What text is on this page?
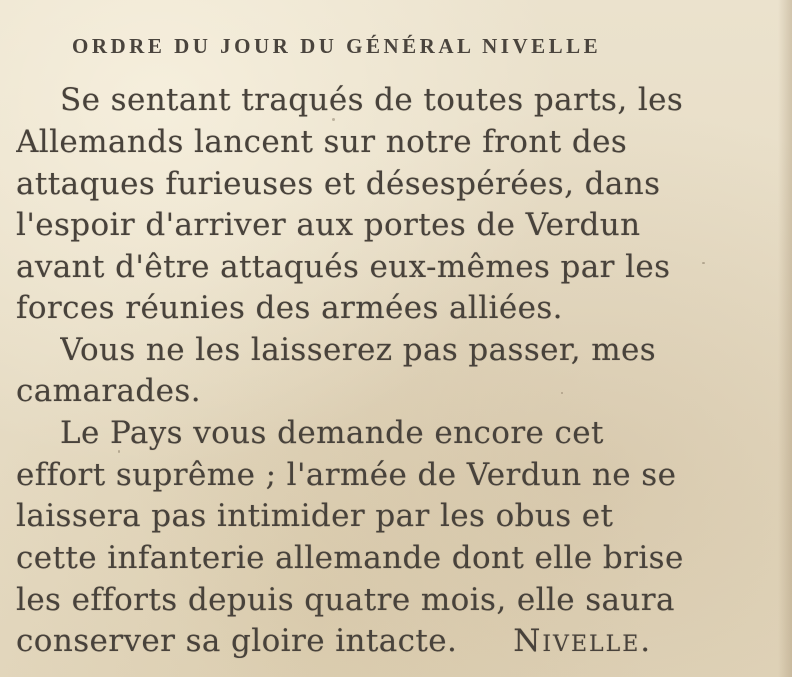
ORDRE DU JOUR DU GÉNÉRAL NIVELLE
Se sentant traqués de toutes parts, les
Allemands lancent sur notre front des
attaques furieuses et désespérées, dans
l'espoir d'arriver aux portes de Verdun
avant d'être attaqués eux-mêmes par les
forces réunies des armées alliées.
Vous ne les laisserez pas passer, mes
camarades.
Le Pays vous demande encore cet
effort suprême ; l'armée de Verdun ne se
laissera pas intimider par les obus et
cette infanterie allemande dont elle brise
les efforts depuis quatre mois, elle saura
conserver sa gloire intacte. Nivelle.
